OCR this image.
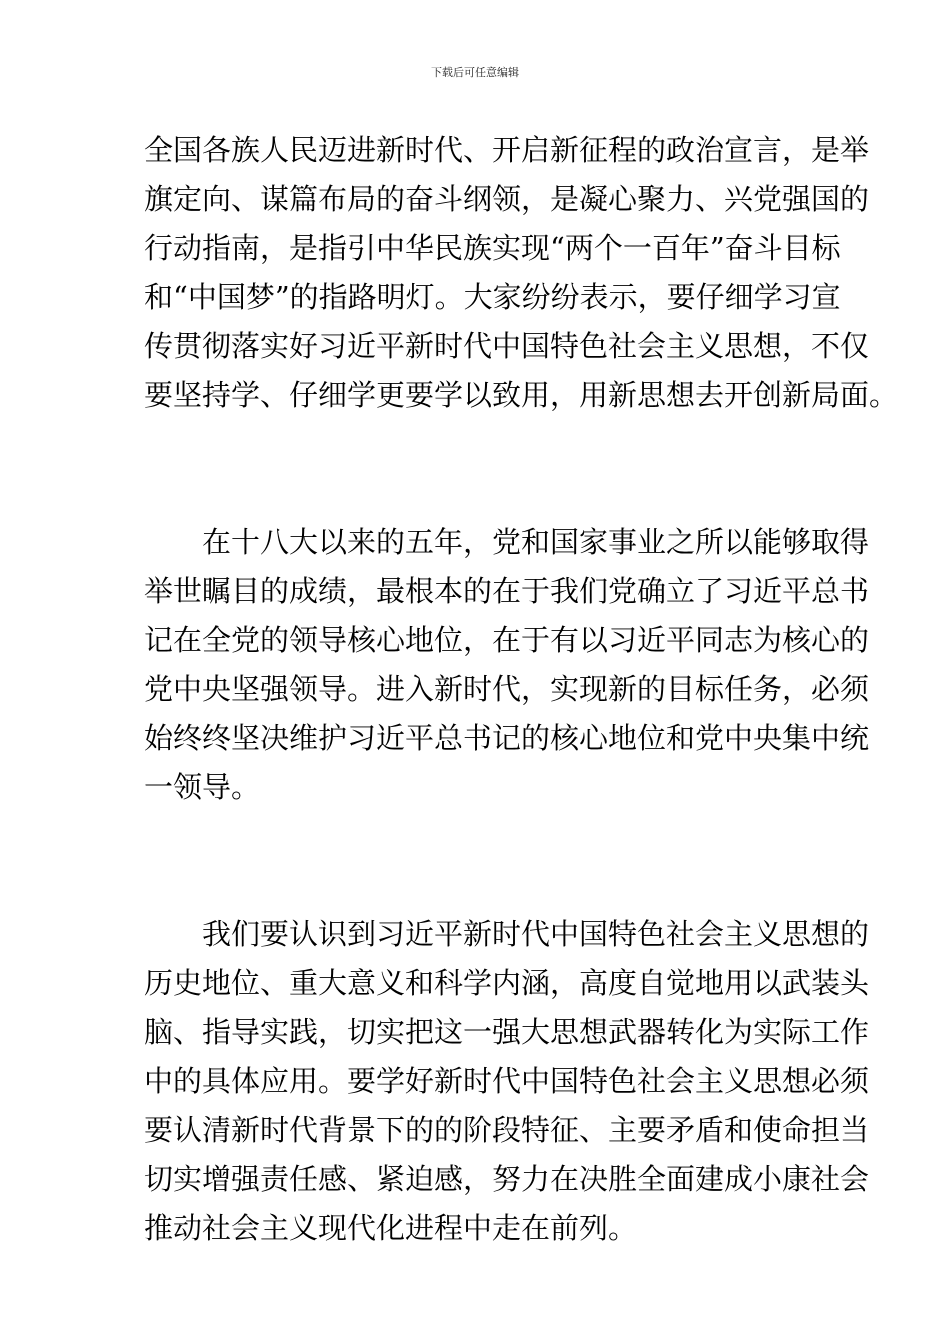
下载后可任意编辑
全国各族人民迈进新时代、开启新征程的政治宣言，是举
旗定向、谋篇布局的奋斗纲领，是凝心聚力、兴党强国的
行动指南，是指引中华民族实现“两个一百年”奋斗目标
和“中国梦”的指路明灯。大家纷纷表示，要仔细学习宣
传贯彻落实好习近平新时代中国特色社会主义思想，不仅
要坚持学、仔细学更要学以致用，用新思想去开创新局面。
在十八大以来的五年，党和国家事业之所以能够取得
举世瞩目的成绩，最根本的在于我们党确立了习近平总书
记在全党的领导核心地位，在于有以习近平同志为核心的
党中央坚强领导。进入新时代，实现新的目标任务，必须
始终终坚决维护习近平总书记的核心地位和党中央集中统
一领导。
我们要认识到习近平新时代中国特色社会主义思想的
历史地位、重大意义和科学内涵，高度自觉地用以武装头
脑、指导实践，切实把这一强大思想武器转化为实际工作
中的具体应用。要学好新时代中国特色社会主义思想必须
要认清新时代背景下的的阶段特征、主要矛盾和使命担当
切实增强责任感、紧迫感，努力在决胜全面建成小康社会
推动社会主义现代化进程中走在前列。
